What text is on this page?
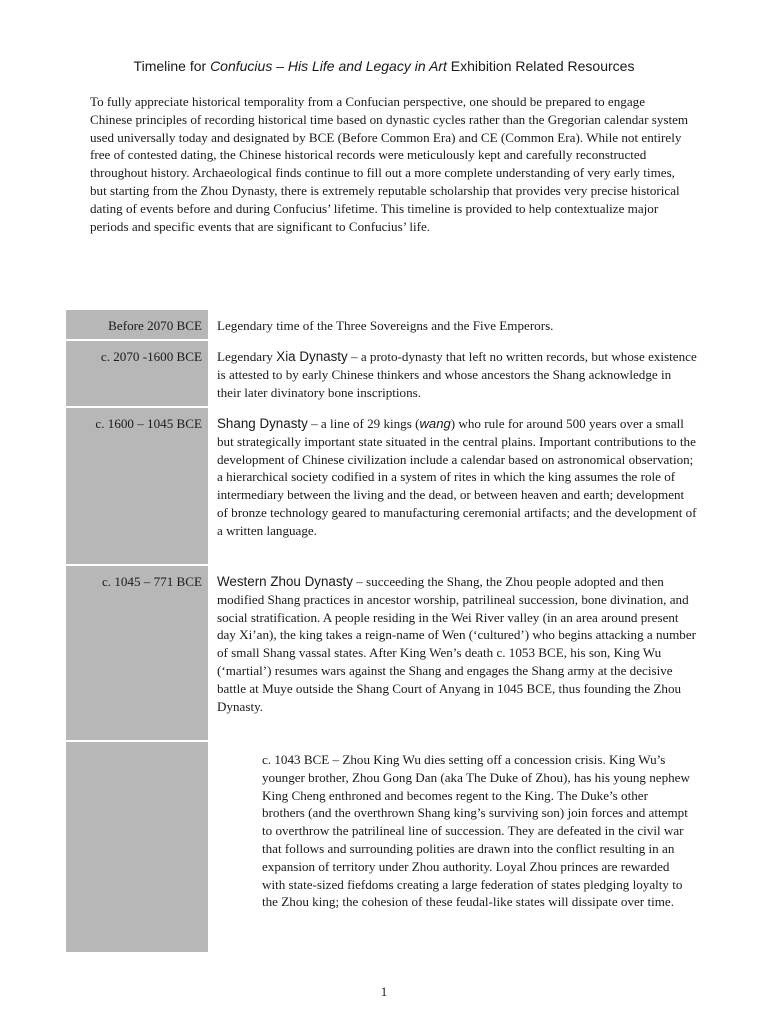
Timeline for Confucius – His Life and Legacy in Art Exhibition Related Resources

To fully appreciate historical temporality from a Confucian perspective, one should be prepared to engage Chinese principles of recording historical time based on dynastic cycles rather than the Gregorian calendar system used universally today and designated by BCE (Before Common Era) and CE (Common Era). While not entirely free of contested dating, the Chinese historical records were meticulously kept and carefully reconstructed throughout history. Archaeological finds continue to fill out a more complete understanding of very early times, but starting from the Zhou Dynasty, there is extremely reputable scholarship that provides very precise historical dating of events before and during Confucius’ lifetime. This timeline is provided to help contextualize major periods and specific events that are significant to Confucius’ life.

Before 2070 BCE Legendary time of the Three Sovereigns and the Five Emperors.

c. 2070 -1600 BCE Legendary Xia Dynasty – a proto-dynasty that left no written records, but whose existence is attested to by early Chinese thinkers and whose ancestors the Shang acknowledge in their later divinatory bone inscriptions.

c. 1600 – 1045 BCE Shang Dynasty – a line of 29 kings (wang) who rule for around 500 years over a small but strategically important state situated in the central plains. Important contributions to the development of Chinese civilization include a calendar based on astronomical observation; a hierarchical society codified in a system of rites in which the king assumes the role of intermediary between the living and the dead, or between heaven and earth; development of bronze technology geared to manufacturing ceremonial artifacts; and the development of a written language.

c. 1045 – 771 BCE Western Zhou Dynasty – succeeding the Shang, the Zhou people adopted and then modified Shang practices in ancestor worship, patrilineal succession, bone divination, and social stratification. A people residing in the Wei River valley (in an area around present day Xi’an), the king takes a reign-name of Wen (‘cultured’) who begins attacking a number of small Shang vassal states. After King Wen’s death c. 1053 BCE, his son, King Wu (‘martial’) resumes wars against the Shang and engages the Shang army at the decisive battle at Muye outside the Shang Court of Anyang in 1045 BCE, thus founding the Zhou Dynasty.

c. 1043 BCE – Zhou King Wu dies setting off a concession crisis. King Wu’s younger brother, Zhou Gong Dan (aka The Duke of Zhou), has his young nephew King Cheng enthroned and becomes regent to the King. The Duke’s other brothers (and the overthrown Shang king’s surviving son) join forces and attempt to overthrow the patrilineal line of succession. They are defeated in the civil war that follows and surrounding polities are drawn into the conflict resulting in an expansion of territory under Zhou authority. Loyal Zhou princes are rewarded with state-sized fiefdoms creating a large federation of states pledging loyalty to the Zhou king; the cohesion of these feudal-like states will dissipate over time.

1
